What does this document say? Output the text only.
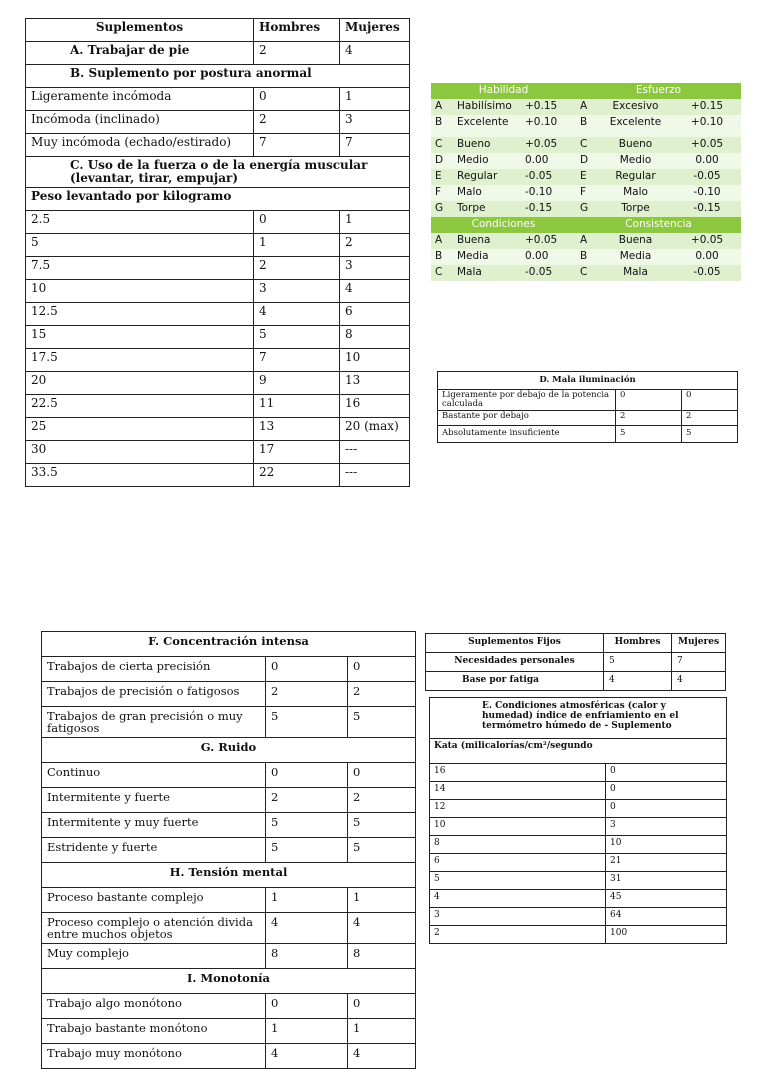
Suplementos	Hombres	Mujeres
A. Trabajar de pie	2	4
B. Suplemento por postura anormal		
Ligeramente incómoda	0	1
Incómoda (inclinado)	2	3
Muy incómoda (echado/estirado)	7	7
C. Uso de la fuerza o de la energía muscular (levantar, tirar, empujar)		
Peso levantado por kilogramo		
2.5	0	1
5	1	2
7.5	2	3
10	3	4
12.5	4	6
15	5	8
17.5	7	10
20	9	13
22.5	11	16
25	13	20 (max)
30	17	---
33.5	22	---
Habilidad			Esfuerzo		
A	Habilísimo	+0.15	A	Excesivo	+0.15
B	Excelente	+0.10	B	Excelente	+0.10

C	Bueno	+0.05	C	Bueno	+0.05
D	Medio	0.00	D	Medio	0.00
E	Regular	-0.05	E	Regular	-0.05
F	Malo	-0.10	F	Malo	-0.10
G	Torpe	-0.15	G	Torpe	-0.15
Condiciones			Consistencia		
A	Buena	+0.05	A	Buena	+0.05
B	Media	0.00	B	Media	0.00
C	Mala	-0.05	C	Mala	-0.05
D. Mala iluminación		
Ligeramente por debajo de la potencia calculada	0	0
Bastante por debajo	2	2
Absolutamente insuficiente	5	5
F. Concentración intensa		
Trabajos de cierta precisión	0	0
Trabajos de precisión o fatigosos	2	2
Trabajos de gran precisión o muy fatigosos	5	5
G. Ruido		
Continuo	0	0
Intermitente y fuerte	2	2
Intermitente y muy fuerte	5	5
Estridente y fuerte	5	5
H. Tensión mental		
Proceso bastante complejo	1	1
Proceso complejo o atención divida entre muchos objetos	4	4
Muy complejo	8	8
I. Monotonía		
Trabajo algo monótono	0	0
Trabajo bastante monótono	1	1
Trabajo muy monótono	4	4
Suplementos Fijos	Hombres	Mujeres
Necesidades personales	5	7
Base por fatiga	4	4
E. Condiciones atmosféricas (calor y humedad) índice de enfriamiento en el termómetro húmedo de - Suplemento	
Kata (milicalorías/cm²/segundo	
16	0
14	0
12	0
10	3
8	10
6	21
5	31
4	45
3	64
2	100
